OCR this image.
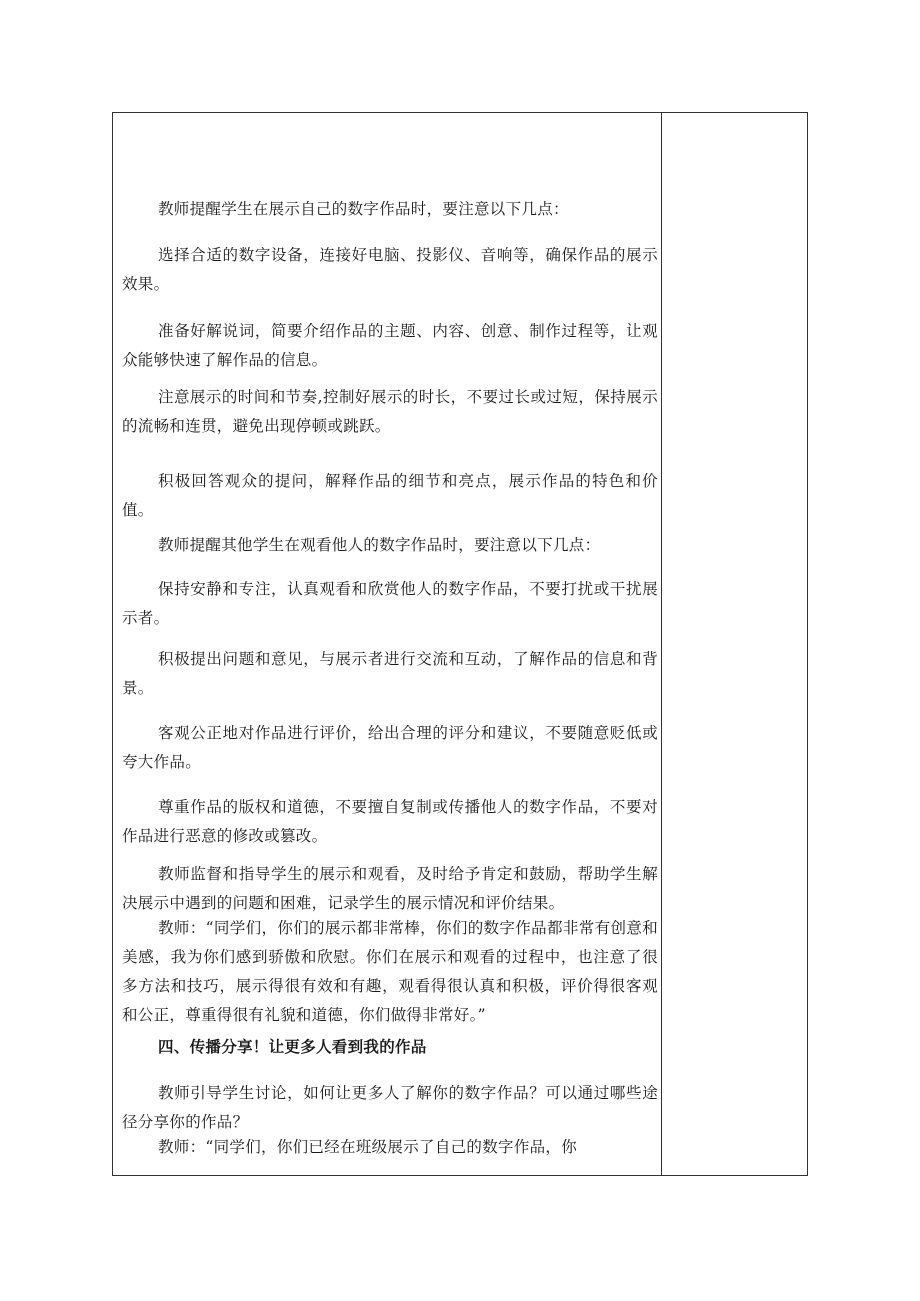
教师提醒学生在展示自己的数字作品时，要注意以下几点：

选择合适的数字设备，连接好电脑、投影仪、音响等，确保作品的展示效果。

准备好解说词，简要介绍作品的主题、内容、创意、制作过程等，让观众能够快速了解作品的信息。

注意展示的时间和节奏,控制好展示的时长，不要过长或过短，保持展示的流畅和连贯，避免出现停顿或跳跃。

积极回答观众的提问，解释作品的细节和亮点，展示作品的特色和价值。

教师提醒其他学生在观看他人的数字作品时，要注意以下几点：

保持安静和专注，认真观看和欣赏他人的数字作品，不要打扰或干扰展示者。

积极提出问题和意见，与展示者进行交流和互动，了解作品的信息和背景。

客观公正地对作品进行评价，给出合理的评分和建议，不要随意贬低或夸大作品。

尊重作品的版权和道德，不要擅自复制或传播他人的数字作品，不要对作品进行恶意的修改或篡改。

教师监督和指导学生的展示和观看，及时给予肯定和鼓励，帮助学生解决展示中遇到的问题和困难，记录学生的展示情况和评价结果。

教师：“同学们，你们的展示都非常棒，你们的数字作品都非常有创意和美感，我为你们感到骄傲和欣慰。你们在展示和观看的过程中，也注意了很多方法和技巧，展示得很有效和有趣，观看得很认真和积极，评价得很客观和公正，尊重得很有礼貌和道德，你们做得非常好。”

四、传播分享！让更多人看到我的作品

教师引导学生讨论，如何让更多人了解你的数字作品？可以通过哪些途径分享你的作品？

教师：“同学们，你们已经在班级展示了自己的数字作品，你
